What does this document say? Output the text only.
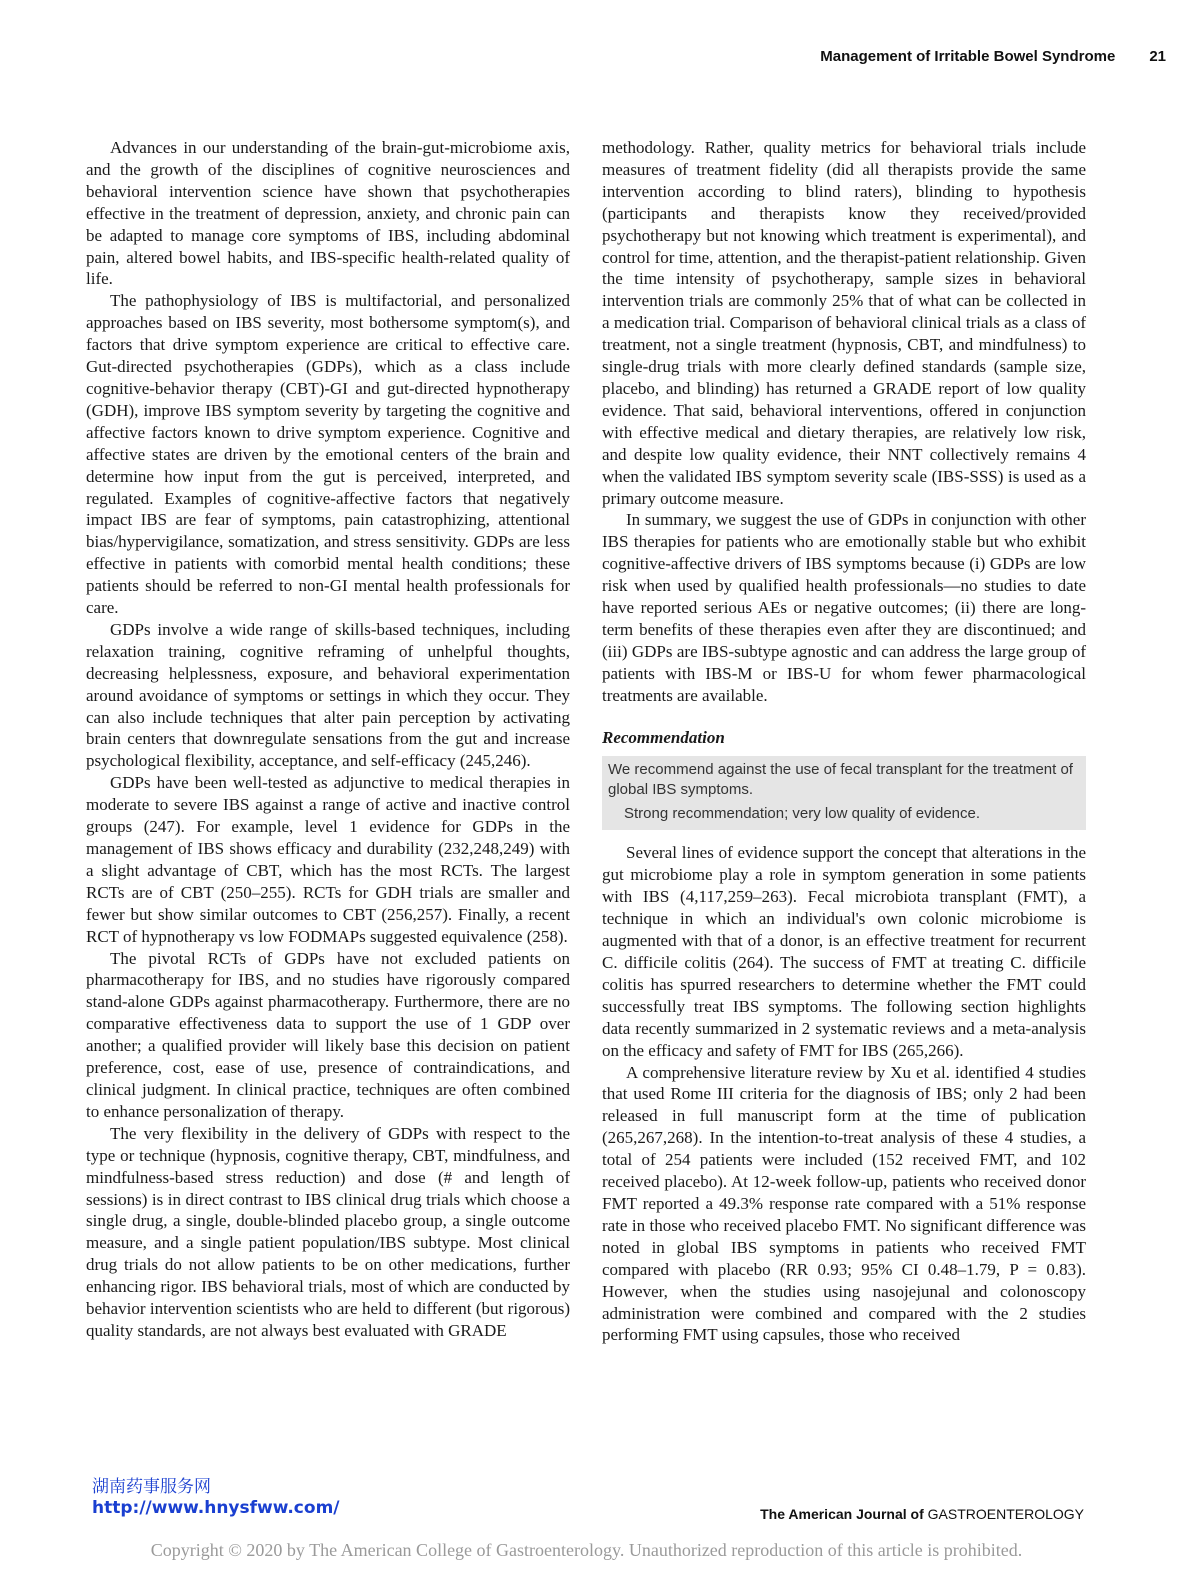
Management of Irritable Bowel Syndrome 21

Advances in our understanding of the brain-gut-microbiome axis, and the growth of the disciplines of cognitive neurosciences and behavioral intervention science have shown that psychotherapies effective in the treatment of depression, anxiety, and chronic pain can be adapted to manage core symptoms of IBS, including abdominal pain, altered bowel habits, and IBS-specific health-related quality of life.

The pathophysiology of IBS is multifactorial, and personalized approaches based on IBS severity, most bothersome symptom(s), and factors that drive symptom experience are critical to effective care. Gut-directed psychotherapies (GDPs), which as a class include cognitive-behavior therapy (CBT)-GI and gut-directed hypnotherapy (GDH), improve IBS symptom severity by targeting the cognitive and affective factors known to drive symptom experience. Cognitive and affective states are driven by the emotional centers of the brain and determine how input from the gut is perceived, interpreted, and regulated. Examples of cognitive-affective factors that negatively impact IBS are fear of symptoms, pain catastrophizing, attentional bias/hypervigilance, somatization, and stress sensitivity. GDPs are less effective in patients with comorbid mental health conditions; these patients should be referred to non-GI mental health professionals for care.

GDPs involve a wide range of skills-based techniques, including relaxation training, cognitive reframing of unhelpful thoughts, decreasing helplessness, exposure, and behavioral experimentation around avoidance of symptoms or settings in which they occur. They can also include techniques that alter pain perception by activating brain centers that downregulate sensations from the gut and increase psychological flexibility, acceptance, and self-efficacy (245,246).

GDPs have been well-tested as adjunctive to medical therapies in moderate to severe IBS against a range of active and inactive control groups (247). For example, level 1 evidence for GDPs in the management of IBS shows efficacy and durability (232,248,249) with a slight advantage of CBT, which has the most RCTs. The largest RCTs are of CBT (250–255). RCTs for GDH trials are smaller and fewer but show similar outcomes to CBT (256,257). Finally, a recent RCT of hypnotherapy vs low FODMAPs suggested equivalence (258).

The pivotal RCTs of GDPs have not excluded patients on pharmacotherapy for IBS, and no studies have rigorously compared stand-alone GDPs against pharmacotherapy. Furthermore, there are no comparative effectiveness data to support the use of 1 GDP over another; a qualified provider will likely base this decision on patient preference, cost, ease of use, presence of contraindications, and clinical judgment. In clinical practice, techniques are often combined to enhance personalization of therapy.

The very flexibility in the delivery of GDPs with respect to the type or technique (hypnosis, cognitive therapy, CBT, mindfulness, and mindfulness-based stress reduction) and dose (# and length of sessions) is in direct contrast to IBS clinical drug trials which choose a single drug, a single, double-blinded placebo group, a single outcome measure, and a single patient population/IBS subtype. Most clinical drug trials do not allow patients to be on other medications, further enhancing rigor. IBS behavioral trials, most of which are conducted by behavior intervention scientists who are held to different (but rigorous) quality standards, are not always best evaluated with GRADE

methodology. Rather, quality metrics for behavioral trials include measures of treatment fidelity (did all therapists provide the same intervention according to blind raters), blinding to hypothesis (participants and therapists know they received/provided psychotherapy but not knowing which treatment is experimental), and control for time, attention, and the therapist-patient relationship. Given the time intensity of psychotherapy, sample sizes in behavioral intervention trials are commonly 25% that of what can be collected in a medication trial. Comparison of behavioral clinical trials as a class of treatment, not a single treatment (hypnosis, CBT, and mindfulness) to single-drug trials with more clearly defined standards (sample size, placebo, and blinding) has returned a GRADE report of low quality evidence. That said, behavioral interventions, offered in conjunction with effective medical and dietary therapies, are relatively low risk, and despite low quality evidence, their NNT collectively remains 4 when the validated IBS symptom severity scale (IBS-SSS) is used as a primary outcome measure.

In summary, we suggest the use of GDPs in conjunction with other IBS therapies for patients who are emotionally stable but who exhibit cognitive-affective drivers of IBS symptoms because (i) GDPs are low risk when used by qualified health professionals—no studies to date have reported serious AEs or negative outcomes; (ii) there are long-term benefits of these therapies even after they are discontinued; and (iii) GDPs are IBS-subtype agnostic and can address the large group of patients with IBS-M or IBS-U for whom fewer pharmacological treatments are available.

Recommendation
We recommend against the use of fecal transplant for the treatment of global IBS symptoms.
Strong recommendation; very low quality of evidence.

Several lines of evidence support the concept that alterations in the gut microbiome play a role in symptom generation in some patients with IBS (4,117,259–263). Fecal microbiota transplant (FMT), a technique in which an individual's own colonic microbiome is augmented with that of a donor, is an effective treatment for recurrent C. difficile colitis (264). The success of FMT at treating C. difficile colitis has spurred researchers to determine whether the FMT could successfully treat IBS symptoms. The following section highlights data recently summarized in 2 systematic reviews and a meta-analysis on the efficacy and safety of FMT for IBS (265,266).

A comprehensive literature review by Xu et al. identified 4 studies that used Rome III criteria for the diagnosis of IBS; only 2 had been released in full manuscript form at the time of publication (265,267,268). In the intention-to-treat analysis of these 4 studies, a total of 254 patients were included (152 received FMT, and 102 received placebo). At 12-week follow-up, patients who received donor FMT reported a 49.3% response rate compared with a 51% response rate in those who received placebo FMT. No significant difference was noted in global IBS symptoms in patients who received FMT compared with placebo (RR 0.93; 95% CI 0.48–1.79, P = 0.83). However, when the studies using nasojejunal and colonoscopy administration were combined and compared with the 2 studies performing FMT using capsules, those who received

湖南药事服务网
http://www.hnysfww.com/	The American Journal of GASTROENTEROLOGY
Copyright © 2020 by The American College of Gastroenterology. Unauthorized reproduction of this article is prohibited.
